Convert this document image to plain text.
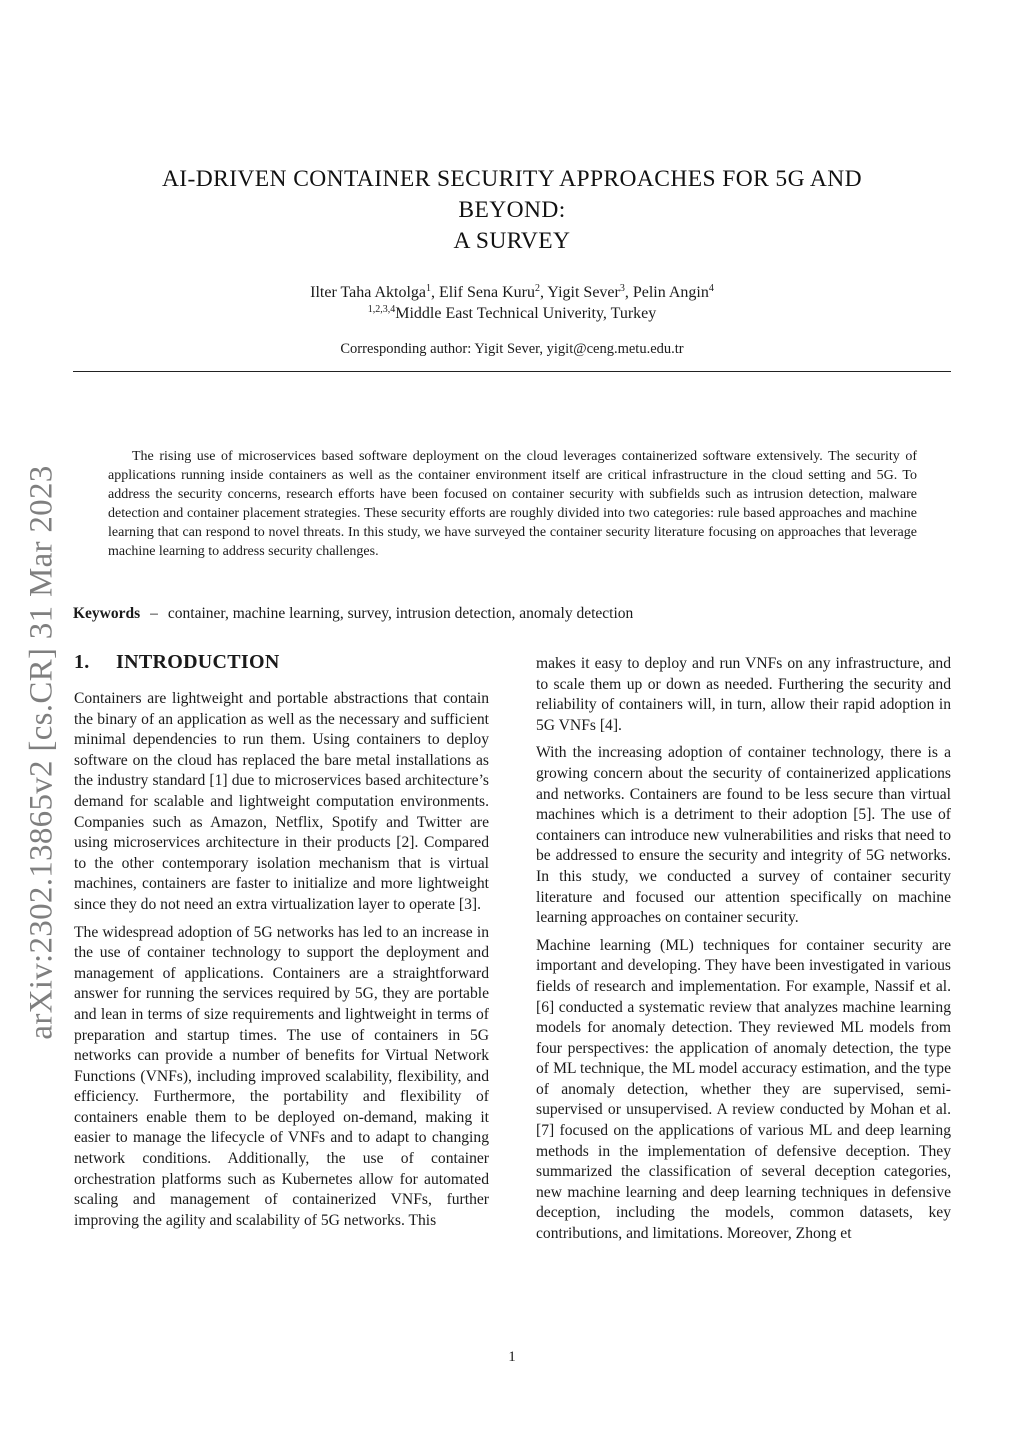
arXiv:2302.13865v2 [cs.CR] 31 Mar 2023
AI-DRIVEN CONTAINER SECURITY APPROACHES FOR 5G AND
BEYOND:
A SURVEY
Ilter Taha Aktolga$^1$, Elif Sena Kuru$^2$, Yigit Sever$^3$, Pelin Angin$^4$
$^{1,2,3,4}$Middle East Technical Univerity, Turkey
Corresponding author: Yigit Sever, yigit@ceng.metu.edu.tr
The rising use of microservices based software deployment on the cloud leverages containerized software extensively. The security of applications running inside containers as well as the container environment itself are critical infrastructure in the cloud setting and 5G. To address the security concerns, research efforts have been focused on container security with subfields such as intrusion detection, malware detection and container placement strategies. These security efforts are roughly divided into two categories: rule based approaches and machine learning that can respond to novel threats. In this study, we have surveyed the container security literature focusing on approaches that leverage machine learning to address security challenges.
Keywords – container, machine learning, survey, intrusion detection, anomaly detection
1. INTRODUCTION

Containers are lightweight and portable abstractions that contain the binary of an application as well as the necessary and sufficient minimal dependencies to run them. Using containers to deploy software on the cloud has replaced the bare metal installations as the industry standard [1] due to microservices based architecture’s demand for scalable and lightweight computation environments. Companies such as Amazon, Netflix, Spotify and Twitter are using microservices architecture in their products [2]. Compared to the other contemporary isolation mechanism that is virtual machines, containers are faster to initialize and more lightweight since they do not need an extra virtualization layer to operate [3].

The widespread adoption of 5G networks has led to an increase in the use of container technology to support the deployment and management of applications. Containers are a straightforward answer for running the services required by 5G, they are portable and lean in terms of size requirements and lightweight in terms of preparation and startup times. The use of containers in 5G networks can provide a number of benefits for Virtual Network Functions (VNFs), including improved scalability, flexibility, and efficiency. Furthermore, the portability and flexibility of containers enable them to be deployed on-demand, making it easier to manage the lifecycle of VNFs and to adapt to changing network conditions. Additionally, the use of container orchestration platforms such as Kubernetes allow for automated scaling and management of containerized VNFs, further improving the agility and scalability of 5G networks. This

makes it easy to deploy and run VNFs on any infrastructure, and to scale them up or down as needed. Furthering the security and reliability of containers will, in turn, allow their rapid adoption in 5G VNFs [4].

With the increasing adoption of container technology, there is a growing concern about the security of containerized applications and networks. Containers are found to be less secure than virtual machines which is a detriment to their adoption [5]. The use of containers can introduce new vulnerabilities and risks that need to be addressed to ensure the security and integrity of 5G networks. In this study, we conducted a survey of container security literature and focused our attention specifically on machine learning approaches on container security.

Machine learning (ML) techniques for container security are important and developing. They have been investigated in various fields of research and implementation. For example, Nassif et al. [6] conducted a systematic review that analyzes machine learning models for anomaly detection. They reviewed ML models from four perspectives: the application of anomaly detection, the type of ML technique, the ML model accuracy estimation, and the type of anomaly detection, whether they are supervised, semi-supervised or unsupervised. A review conducted by Mohan et al. [7] focused on the applications of various ML and deep learning methods in the implementation of defensive deception. They summarized the classification of several deception categories, new machine learning and deep learning techniques in defensive deception, including the models, common datasets, key contributions, and limitations. Moreover, Zhong et

1
